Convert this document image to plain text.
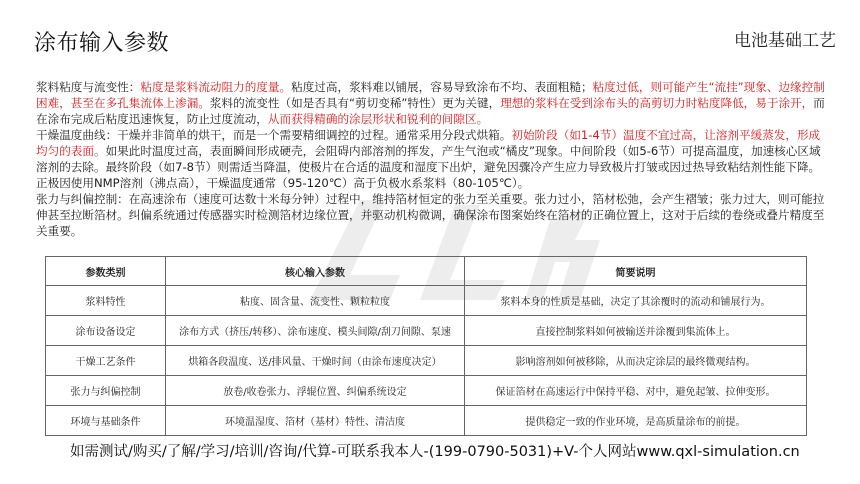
涂布输入参数	电池基础工艺

浆料粘度与流变性：粘度是浆料流动阻力的度量。粘度过高，浆料难以铺展，容易导致涂布不均、表面粗糙；粘度过低，则可能产生“流挂”现象、边缘控制困难，甚至在多孔集流体上渗漏。浆料的流变性（如是否具有“剪切变稀”特性）更为关键，理想的浆料在受到涂布头的高剪切力时粘度降低，易于涂开，而在涂布完成后粘度迅速恢复，防止过度流动，从而获得精确的涂层形状和锐利的间隙区。

干燥温度曲线：干燥并非简单的烘干，而是一个需要精细调控的过程。通常采用分段式烘箱。初始阶段（如1-4节）温度不宜过高，让溶剂平缓蒸发，形成均匀的表面。如果此时温度过高，表面瞬间形成硬壳，会阻碍内部溶剂的挥发，产生气泡或“橘皮”现象。中间阶段（如5-6节）可提高温度，加速核心区域溶剂的去除。最终阶段（如7-8节）则需适当降温，使极片在合适的温度和湿度下出炉，避免因骤冷产生应力导致极片打皱或因过热导致粘结剂性能下降。正极因使用NMP溶剂（沸点高），干燥温度通常（95-120℃）高于负极水系浆料（80-105℃）。

张力与纠偏控制：在高速涂布（速度可达数十米每分钟）过程中，维持箔材恒定的张力至关重要。张力过小，箔材松弛，会产生褶皱；张力过大，则可能拉伸甚至拉断箔材。纠偏系统通过传感器实时检测箔材边缘位置，并驱动机构微调，确保涂布图案始终在箔材的正确位置上，这对于后续的卷绕或叠片精度至关重要。

参数类别	核心输入参数	简要说明
浆料特性	粘度、固含量、流变性、颗粒粒度	浆料本身的性质是基础，决定了其涂覆时的流动和铺展行为。
涂布设备设定	涂布方式（挤压/转移）、涂布速度、模头间隙/刮刀间隙、泵速	直接控制浆料如何被输送并涂覆到集流体上。
干燥工艺条件	烘箱各段温度、送/排风量、干燥时间（由涂布速度决定）	影响溶剂如何被移除，从而决定涂层的最终微观结构。
张力与纠偏控制	放卷/收卷张力、浮辊位置、纠偏系统设定	保证箔材在高速运行中保持平稳、对中，避免起皱、拉伸变形。
环境与基础条件	环境温湿度、箔材（基材）特性、清洁度	提供稳定一致的作业环境，是高质量涂布的前提。
如需测试/购买/了解/学习/培训/咨询/代算-可联系我本人-(199-0790-5031)+V-个人网站www.qxl-simulation.cn
